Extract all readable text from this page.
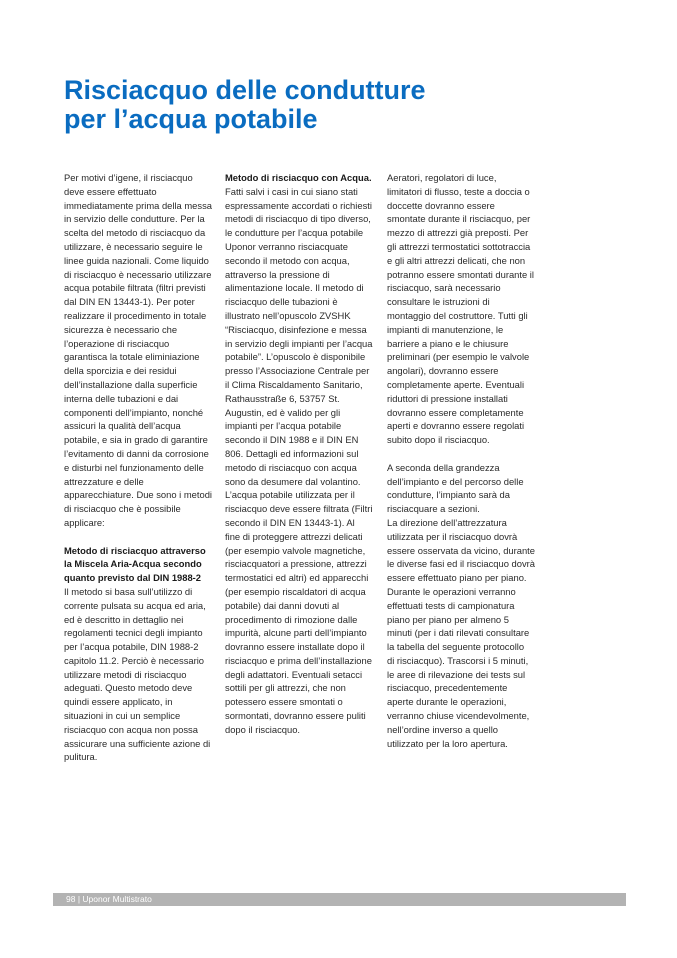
Risciacquo delle condutture
per l’acqua potabile

Per motivi d’igene, il risciacquo
deve essere effettuato
immediatamente prima della messa
in servizio delle condutture. Per la
scelta del metodo di risciacquo da
utilizzare, è necessario seguire le
linee guida nazionali. Come liquido
di risciacquo è necessario utilizzare
acqua potabile filtrata (filtri previsti
dal DIN EN 13443-1). Per poter
realizzare il procedimento in totale
sicurezza è necessario che
l’operazione di risciacquo
garantisca la totale eliminiazione
della sporcizia e dei residui
dell’installazione dalla superficie
interna delle tubazioni e dai
componenti dell’impianto, nonché
assicuri la qualità dell’acqua
potabile, e sia in grado di garantire
l’evitamento di danni da corrosione
e disturbi nel funzionamento delle
attrezzature e delle
apparecchiature. Due sono i metodi
di risciacquo che è possibile
applicare:

Metodo di risciacquo attraverso
la Miscela Aria-Acqua secondo
quanto previsto dal DIN 1988-2

Il metodo si basa sull’utilizzo di
corrente pulsata su acqua ed aria,
ed è descritto in dettaglio nei
regolamenti tecnici degli impianto
per l’acqua potabile, DIN 1988-2
capitolo 11.2. Perciò è necessario
utilizzare metodi di risciacquo
adeguati. Questo metodo deve
quindi essere applicato, in
situazioni in cui un semplice
risciacquo con acqua non possa
assicurare una sufficiente azione di
pulitura.

Metodo di risciacquo con Acqua.

Fatti salvi i casi in cui siano stati
espressamente accordati o richiesti
metodi di risciacquo di tipo diverso,
le condutture per l’acqua potabile
Uponor verranno risciacquate
secondo il metodo con acqua,
attraverso la pressione di
alimentazione locale. Il metodo di
risciacquo delle tubazioni è
illustrato nell’opuscolo ZVSHK
“Risciacquo, disinfezione e messa
in servizio degli impianti per l’acqua
potabile”. L’opuscolo è disponibile
presso l’Associazione Centrale per
il Clima Riscaldamento Sanitario,
Rathausstraße 6, 53757 St.
Augustin, ed è valido per gli
impianti per l’acqua potabile
secondo il DIN 1988 e il DIN EN
806. Dettagli ed informazioni sul
metodo di risciacquo con acqua
sono da desumere dal volantino.
L’acqua potabile utilizzata per il
risciacquo deve essere filtrata (Filtri
secondo il DIN EN 13443-1). Al
fine di proteggere attrezzi delicati
(per esempio valvole magnetiche,
risciacquatori a pressione, attrezzi
termostatici ed altri) ed apparecchi
(per esempio riscaldatori di acqua
potabile) dai danni dovuti al
procedimento di rimozione dalle
impurità, alcune parti dell’impianto
dovranno essere installate dopo il
risciacquo e prima dell’installazione
degli adattatori. Eventuali setacci
sottili per gli attrezzi, che non
potessero essere smontati o
sormontati, dovranno essere puliti
dopo il risciacquo.

Aeratori, regolatori di luce,
limitatori di flusso, teste a doccia o
doccette dovranno essere
smontate durante il risciacquo, per
mezzo di attrezzi già preposti. Per
gli attrezzi termostatici sottotraccia
e gli altri attrezzi delicati, che non
potranno essere smontati durante il
risciacquo, sarà necessario
consultare le istruzioni di
montaggio del costruttore. Tutti gli
impianti di manutenzione, le
barriere a piano e le chiusure
preliminari (per esempio le valvole
angolari), dovranno essere
completamente aperte. Eventuali
riduttori di pressione installati
dovranno essere completamente
aperti e dovranno essere regolati
subito dopo il risciacquo.

A seconda della grandezza
dell’impianto e del percorso delle
condutture, l’impianto sarà da
risciacquare a sezioni.
La direzione dell’attrezzatura
utilizzata per il risciacquo dovrà
essere osservata da vicino, durante
le diverse fasi ed il risciacquo dovrà
essere effettuato piano per piano.
Durante le operazioni verranno
effettuati tests di campionatura
piano per piano per almeno 5
minuti (per i dati rilevati consultare
la tabella del seguente protocollo
di risciacquo). Trascorsi i 5 minuti,
le aree di rilevazione dei tests sul
risciacquo, precedentemente
aperte durante le operazioni,
verranno chiuse vicendevolmente,
nell’ordine inverso a quello
utilizzato per la loro apertura.

98 | Uponor Multistrato
